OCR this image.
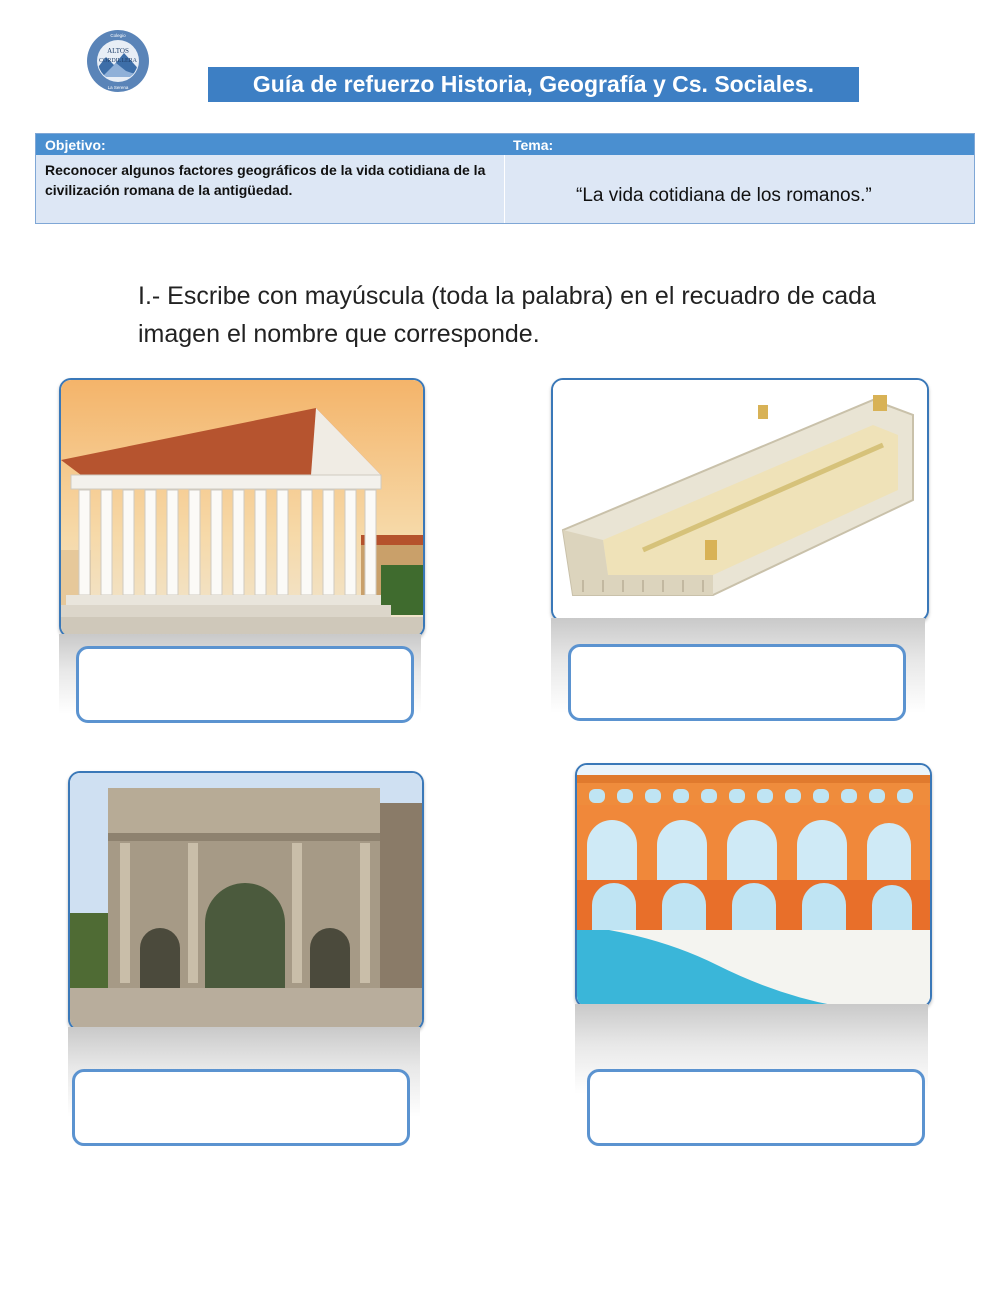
ALTOS
CORDILLERA
Colegio
La Serena	Guía de refuerzo Historia, Geografía y Cs. Sociales.
Objetivo:	Tema:
Reconocer algunos factores geográficos de la vida cotidiana de la civilización romana de la antigüedad.	“La vida cotidiana de los romanos.”
I.- Escribe con mayúscula (toda la palabra) en el recuadro de cada imagen el nombre que corresponde.
